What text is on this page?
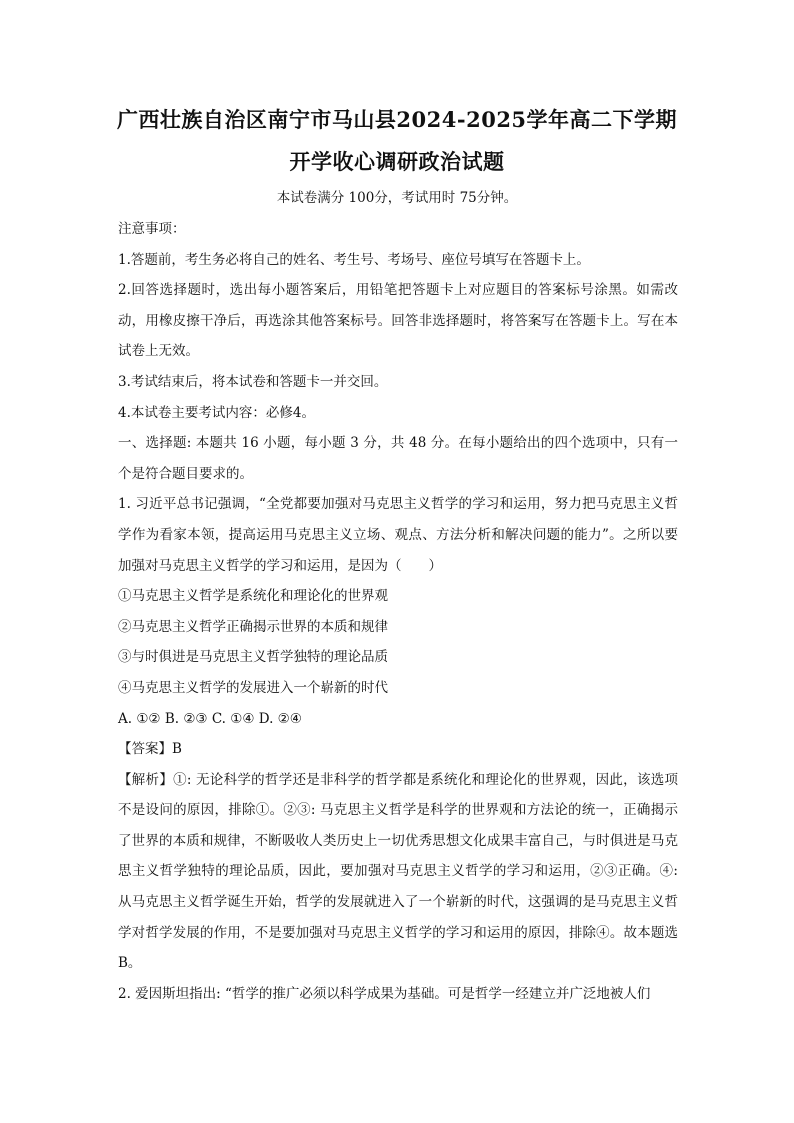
广西壮族自治区南宁市马山县2024-2025学年高二下学期
开学收心调研政治试题
本试卷满分 100分，考试用时 75分钟。

注意事项：

1.答题前，考生务必将自己的姓名、考生号、考场号、座位号填写在答题卡上。

2.回答选择题时，选出每小题答案后，用铅笔把答题卡上对应题目的答案标号涂黑。如需改动，用橡皮擦干净后，再选涂其他答案标号。回答非选择题时，将答案写在答题卡上。写在本试卷上无效。

3.考试结束后，将本试卷和答题卡一并交回。

4.本试卷主要考试内容：必修4。

一、选择题: 本题共 16 小题，每小题 3 分，共 48 分。在每小题给出的四个选项中，只有一个是符合题目要求的。

1. 习近平总书记强调，“全党都要加强对马克思主义哲学的学习和运用，努力把马克思主义哲学作为看家本领，提高运用马克思主义立场、观点、方法分析和解决问题的能力”。之所以要加强对马克思主义哲学的学习和运用，是因为（　　）

①马克思主义哲学是系统化和理论化的世界观

②马克思主义哲学正确揭示世界的本质和规律

③与时俱进是马克思主义哲学独特的理论品质

④马克思主义哲学的发展进入一个崭新的时代

A. ①② B. ②③ C. ①④ D. ②④

【答案】B

【解析】①: 无论科学的哲学还是非科学的哲学都是系统化和理论化的世界观，因此，该选项不是设问的原因，排除①。②③: 马克思主义哲学是科学的世界观和方法论的统一，正确揭示了世界的本质和规律，不断吸收人类历史上一切优秀思想文化成果丰富自己，与时俱进是马克思主义哲学独特的理论品质，因此，要加强对马克思主义哲学的学习和运用，②③正确。④: 从马克思主义哲学诞生开始，哲学的发展就进入了一个崭新的时代，这强调的是马克思主义哲学对哲学发展的作用，不是要加强对马克思主义哲学的学习和运用的原因，排除④。故本题选 B。

2. 爱因斯坦指出: “哲学的推广必须以科学成果为基础。可是哲学一经建立并广泛地被人们
